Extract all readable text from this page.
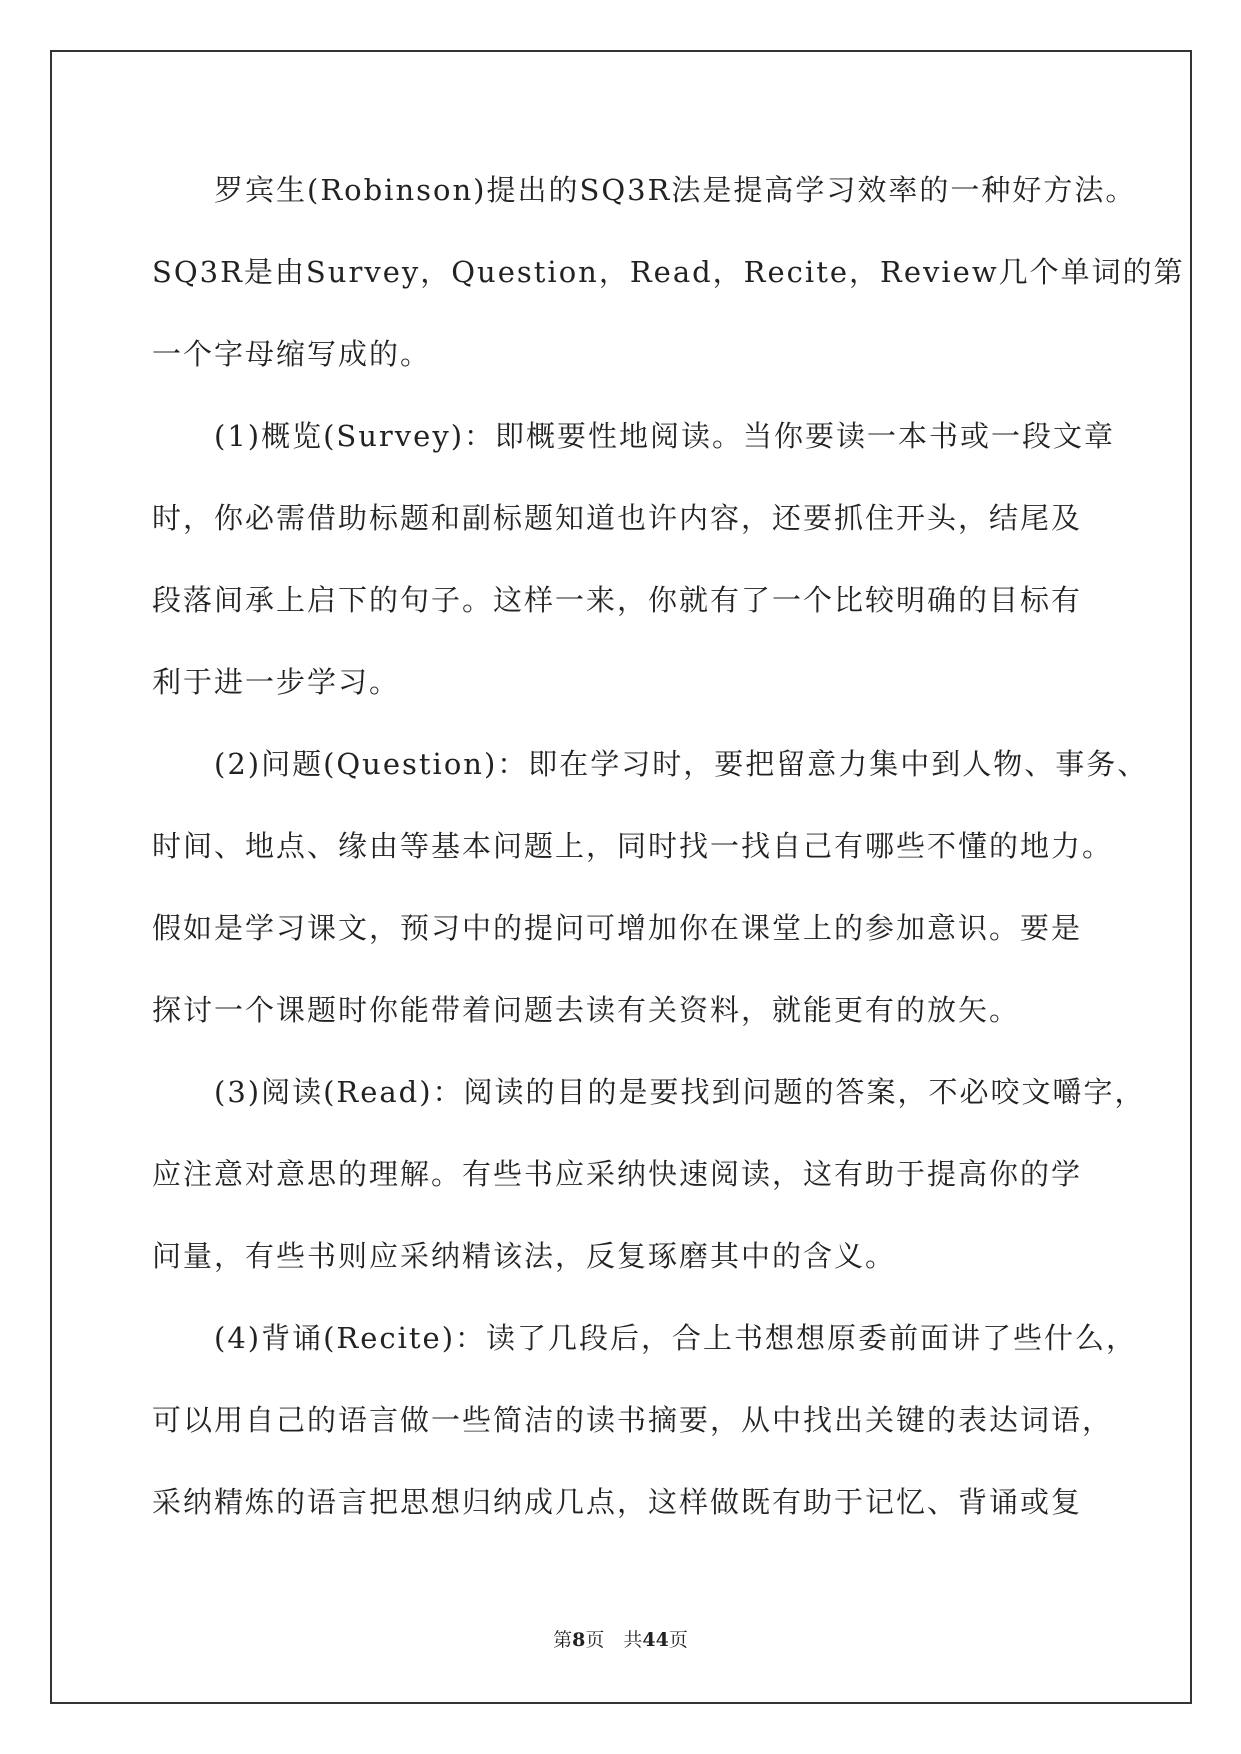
　　罗宾生(Robinson)提出的SQ3R法是提高学习效率的一种好方法。
SQ3R是由Survey，Question，Read，Recite，Review几个单词的第
一个字母缩写成的。
　　(1)概览(Survey)：即概要性地阅读。当你要读一本书或一段文章
时，你必需借助标题和副标题知道也许内容，还要抓住开头，结尾及
段落间承上启下的句子。这样一来，你就有了一个比较明确的目标有
利于进一步学习。
　　(2)问题(Question)：即在学习时，要把留意力集中到人物、事务、
时间、地点、缘由等基本问题上，同时找一找自己有哪些不懂的地力。
假如是学习课文，预习中的提问可增加你在课堂上的参加意识。要是
探讨一个课题时你能带着问题去读有关资料，就能更有的放矢。
　　(3)阅读(Read)：阅读的目的是要找到问题的答案，不必咬文嚼字，
应注意对意思的理解。有些书应采纳快速阅读，这有助于提高你的学
问量，有些书则应采纳精该法，反复琢磨其中的含义。
　　(4)背诵(Recite)：读了几段后，合上书想想原委前面讲了些什么，
可以用自己的语言做一些简洁的读书摘要，从中找出关键的表达词语，
采纳精炼的语言把思想归纳成几点，这样做既有助于记忆、背诵或复
第8页　共44页
